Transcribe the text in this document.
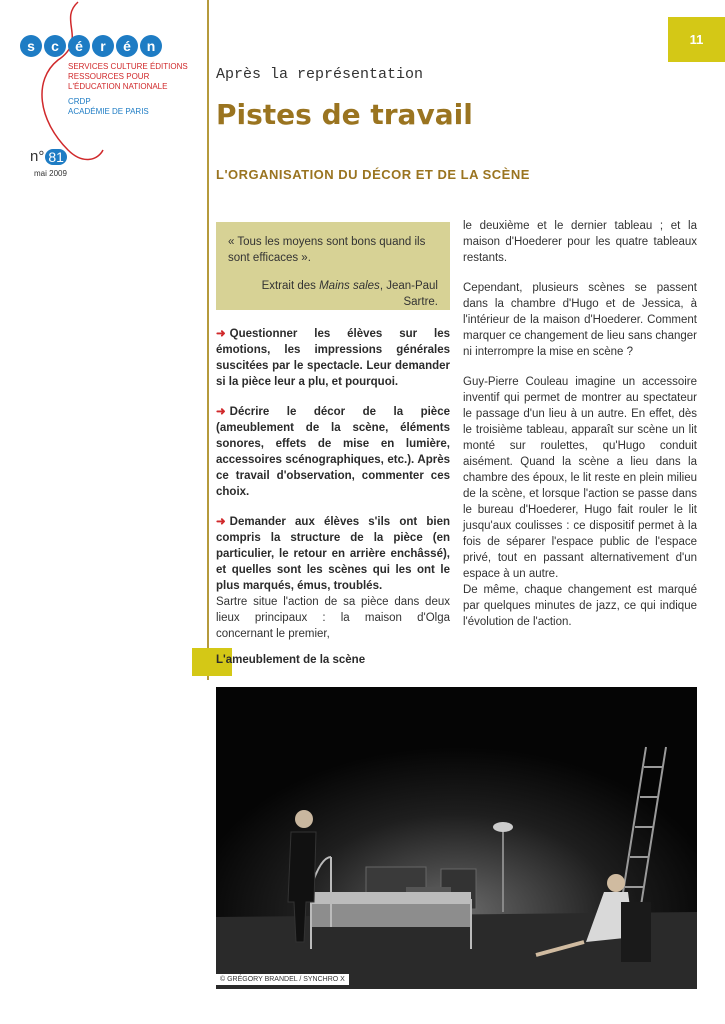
s	c	é	r	é	n
SERVICES CULTURE ÉDITIONS
RESSOURCES POUR
L'ÉDUCATION NATIONALE
CRDP
ACADÉMIE DE PARIS
n° 81
mai 2009
11
Après la représentation
Pistes de travail
L'ORGANISATION DU DÉCOR ET DE LA SCÈNE

« Tous les moyens sont bons quand ils sont efficaces ».

Extrait des Mains sales, Jean-Paul Sartre.

➜ Questionner les élèves sur les émotions, les impressions générales suscitées par le spectacle. Leur demander si la pièce leur a plu, et pourquoi.

➜ Décrire le décor de la pièce (ameublement de la scène, éléments sonores, effets de mise en lumière, accessoires scénographiques, etc.). Après ce travail d'observation, commenter ces choix.

➜ Demander aux élèves s'ils ont bien compris la structure de la pièce (en particulier, le retour en arrière enchâssé), et quelles sont les scènes qui les ont le plus marqués, émus, troublés.

Sartre situe l'action de sa pièce dans deux lieux principaux : la maison d'Olga concernant le premier,

le deuxième et le dernier tableau ; et la maison d'Hoederer pour les quatre tableaux restants.

Cependant, plusieurs scènes se passent dans la chambre d'Hugo et de Jessica, à l'intérieur de la maison d'Hoederer. Comment marquer ce changement de lieu sans changer ni interrompre la mise en scène ?

Guy-Pierre Couleau imagine un accessoire inventif qui permet de montrer au spectateur le passage d'un lieu à un autre. En effet, dès le troisième tableau, apparaît sur scène un lit monté sur roulettes, qu'Hugo conduit aisément. Quand la scène a lieu dans la chambre des époux, le lit reste en plein milieu de la scène, et lorsque l'action se passe dans le bureau d'Hoederer, Hugo fait rouler le lit jusqu'aux coulisses : ce dispositif permet à la fois de séparer l'espace public de l'espace privé, tout en passant alternativement d'un espace à un autre.

De même, chaque changement est marqué par quelques minutes de jazz, ce qui indique l'évolution de l'action.

L'ameublement de la scène
© GRÉGORY BRANDEL / SYNCHRO X
